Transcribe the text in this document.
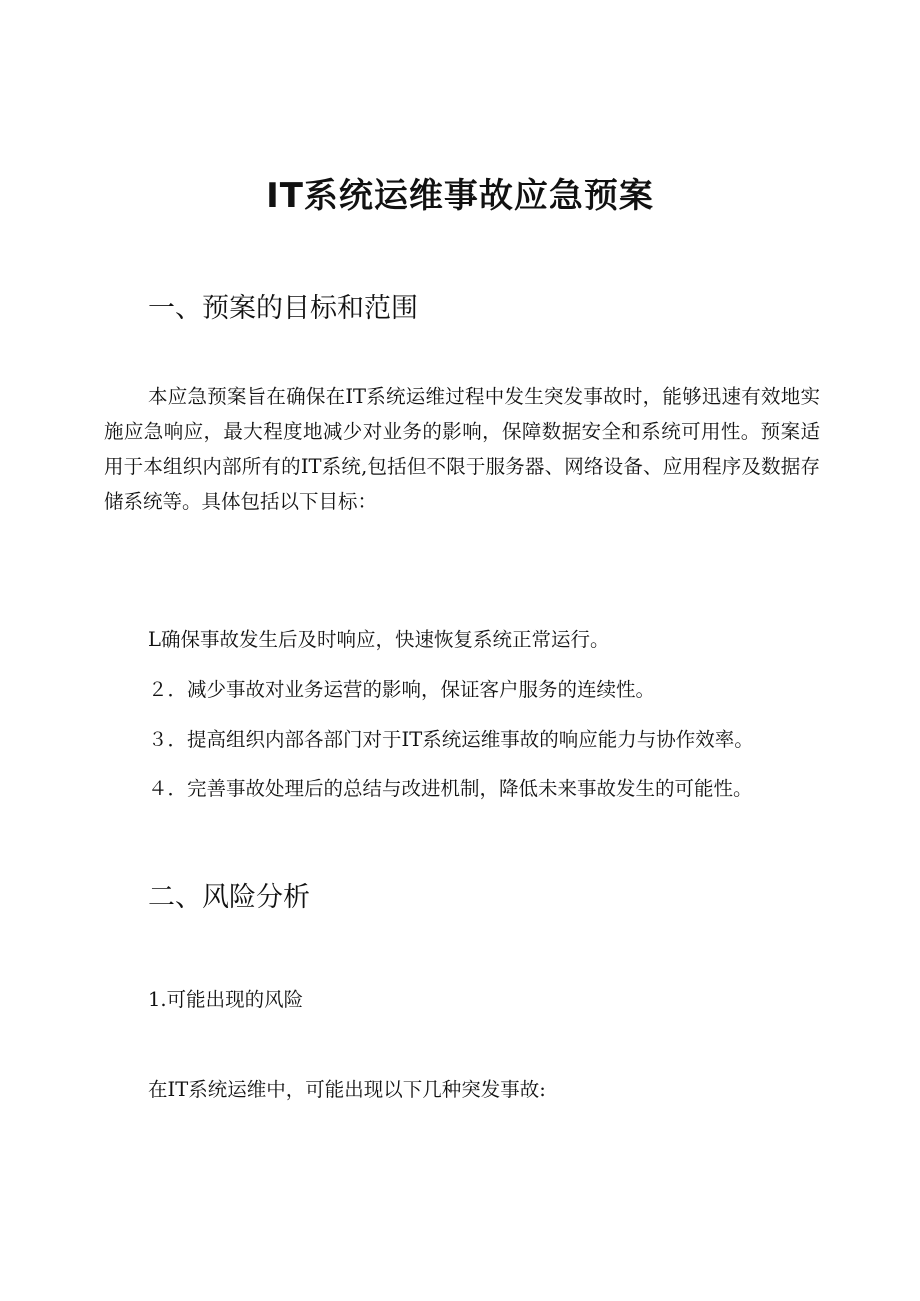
IT系统运维事故应急预案
一、预案的目标和范围

本应急预案旨在确保在IT系统运维过程中发生突发事故时，能够迅速有效地实施应急响应，最大程度地减少对业务的影响，保障数据安全和系统可用性。预案适用于本组织内部所有的IT系统,包括但不限于服务器、网络设备、应用程序及数据存储系统等。具体包括以下目标：

L确保事故发生后及时响应，快速恢复系统正常运行。

２．减少事故对业务运营的影响，保证客户服务的连续性。

３．提高组织内部各部门对于IT系统运维事故的响应能力与协作效率。

４．完善事故处理后的总结与改进机制，降低未来事故发生的可能性。

二、风险分析

1.可能出现的风险

在IT系统运维中，可能出现以下几种突发事故:
